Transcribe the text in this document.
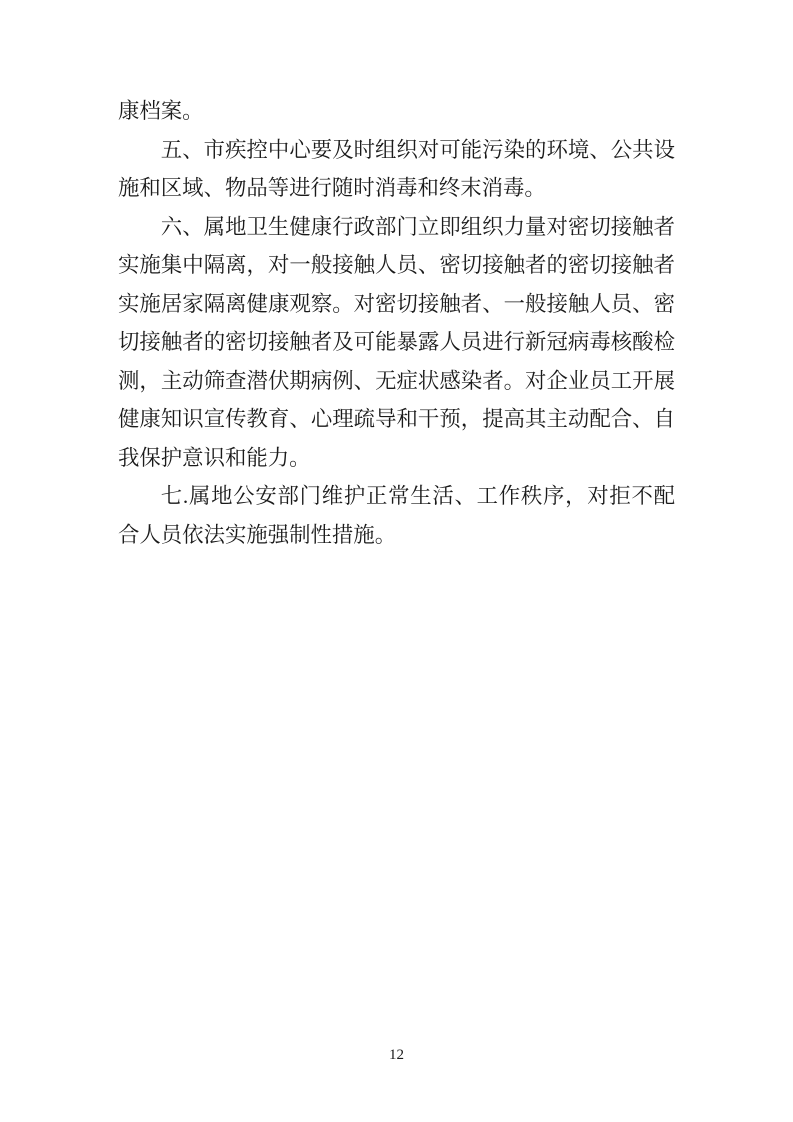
康档案。

五、市疾控中心要及时组织对可能污染的环境、公共设施和区域、物品等进行随时消毒和终末消毒。

六、属地卫生健康行政部门立即组织力量对密切接触者实施集中隔离，对一般接触人员、密切接触者的密切接触者实施居家隔离健康观察。对密切接触者、一般接触人员、密切接触者的密切接触者及可能暴露人员进行新冠病毒核酸检测，主动筛查潜伏期病例、无症状感染者。对企业员工开展健康知识宣传教育、心理疏导和干预，提高其主动配合、自我保护意识和能力。

七.属地公安部门维护正常生活、工作秩序，对拒不配合人员依法实施强制性措施。

12
